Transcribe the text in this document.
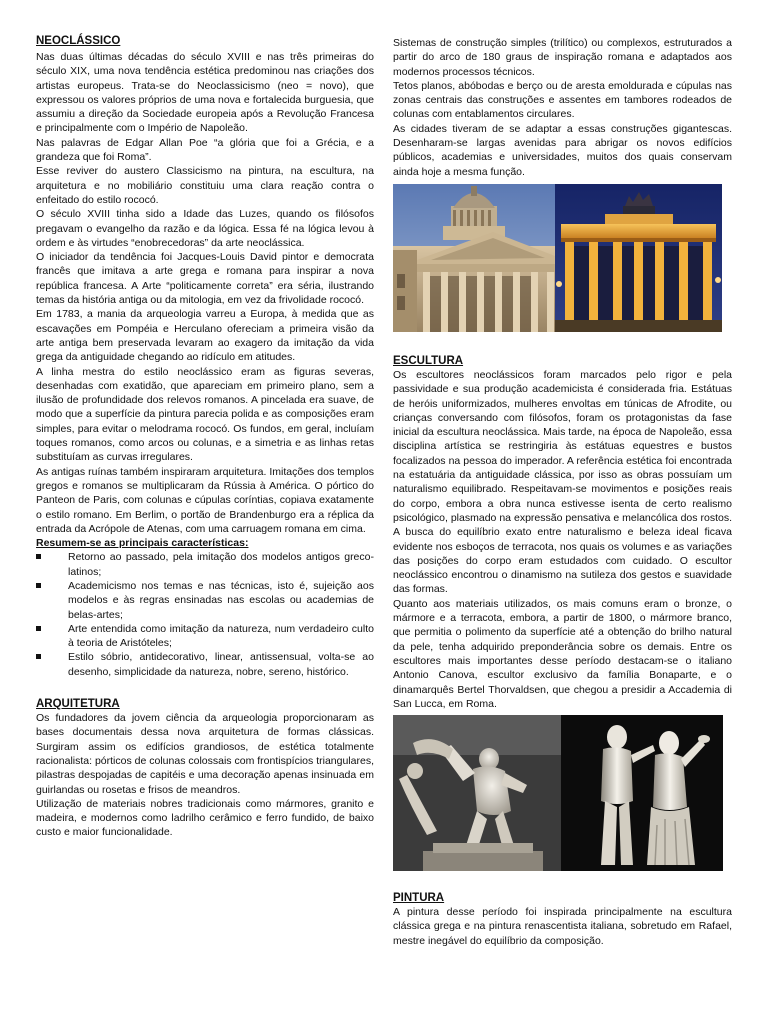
NEOCLÁSSICO

Nas duas últimas décadas do século XVIII e nas três primeiras do século XIX, uma nova tendência estética predominou nas criações dos artistas europeus. Trata-se do Neoclassicismo (neo = novo), que expressou os valores próprios de uma nova e fortalecida burguesia, que assumiu a direção da Sociedade europeia após a Revolução Francesa e principalmente com o Império de Napoleão.

Nas palavras de Edgar Allan Poe “a glória que foi a Grécia, e a grandeza que foi Roma”.

Esse reviver do austero Classicismo na pintura, na escultura, na arquitetura e no mobiliário constituiu uma clara reação contra o enfeitado do estilo rococó.

O século XVIII tinha sido a Idade das Luzes, quando os filósofos pregavam o evangelho da razão e da lógica. Essa fé na lógica levou à ordem e às virtudes “enobrecedoras” da arte neoclássica.

O iniciador da tendência foi Jacques-Louis David pintor e democrata francês que imitava a arte grega e romana para inspirar a nova república francesa. A Arte “politicamente correta” era séria, ilustrando temas da história antiga ou da mitologia, em vez da frivolidade rococó.

Em 1783, a mania da arqueologia varreu a Europa, à medida que as escavações em Pompéia e Herculano ofereciam a primeira visão da arte antiga bem preservada levaram ao exagero da imitação da vida grega da antiguidade chegando ao ridículo em atitudes.

A linha mestra do estilo neoclássico eram as figuras severas, desenhadas com exatidão, que apareciam em primeiro plano, sem a ilusão de profundidade dos relevos romanos. A pincelada era suave, de modo que a superfície da pintura parecia polida e as composições eram simples, para evitar o melodrama rococó. Os fundos, em geral, incluíam toques romanos, como arcos ou colunas, e a simetria e as linhas retas substituíam as curvas irregulares.

As antigas ruínas também inspiraram arquitetura. Imitações dos templos gregos e romanos se multiplicaram da Rússia à América. O pórtico do Panteon de Paris, com colunas e cúpulas coríntias, copiava exatamente o estilo romano. Em Berlim, o portão de Brandenburgo era a réplica da entrada da Acrópole de Atenas, com uma carruagem romana em cima.

Resumem-se as principais características:

Retorno ao passado, pela imitação dos modelos antigos greco-latinos;
Academicismo nos temas e nas técnicas, isto é, sujeição aos modelos e às regras ensinadas nas escolas ou academias de belas-artes;
Arte entendida como imitação da natureza, num verdadeiro culto à teoria de Aristóteles;
Estilo sóbrio, antidecorativo, linear, antissensual, volta-se ao desenho, simplicidade da natureza, nobre, sereno, histórico.
ARQUITETURA

Os fundadores da jovem ciência da arqueologia proporcionaram as bases documentais dessa nova arquitetura de formas clássicas. Surgiram assim os edifícios grandiosos, de estética totalmente racionalista: pórticos de colunas colossais com frontispícios triangulares, pilastras despojadas de capitéis e uma decoração apenas insinuada em guirlandas ou rosetas e frisos de meandros.

Utilização de materiais nobres tradicionais como mármores, granito e madeira, e modernos como ladrilho cerâmico e ferro fundido, de baixo custo e maior funcionalidade.

Sistemas de construção simples (trilítico) ou complexos, estruturados a partir do arco de 180 graus de inspiração romana e adaptados aos modernos processos técnicos.

Tetos planos, abóbodas e berço ou de aresta emoldurada e cúpulas nas zonas centrais das construções e assentes em tambores rodeados de colunas com entablamentos circulares.

As cidades tiveram de se adaptar a essas construções gigantescas. Desenharam-se largas avenidas para abrigar os novos edifícios públicos, academias e universidades, muitos dos quais conservam ainda hoje a mesma função.

ESCULTURA

Os escultores neoclássicos foram marcados pelo rigor e pela passividade e sua produção academicista é considerada fria. Estátuas de heróis uniformizados, mulheres envoltas em túnicas de Afrodite, ou crianças conversando com filósofos, foram os protagonistas da fase inicial da escultura neoclássica. Mais tarde, na época de Napoleão, essa disciplina artística se restringiria às estátuas equestres e bustos focalizados na pessoa do imperador. A referência estética foi encontrada na estatuária da antiguidade clássica, por isso as obras possuíam um naturalismo equilibrado. Respeitavam-se movimentos e posições reais do corpo, embora a obra nunca estivesse isenta de certo realismo psicológico, plasmado na expressão pensativa e melancólica dos rostos. A busca do equilíbrio exato entre naturalismo e beleza ideal ficava evidente nos esboços de terracota, nos quais os volumes e as variações das posições do corpo eram estudados com cuidado. O escultor neoclássico encontrou o dinamismo na sutileza dos gestos e suavidade das formas.

Quanto aos materiais utilizados, os mais comuns eram o bronze, o mármore e a terracota, embora, a partir de 1800, o mármore branco, que permitia o polimento da superfície até a obtenção do brilho natural da pele, tenha adquirido preponderância sobre os demais. Entre os escultores mais importantes desse período destacam-se o italiano Antonio Canova, escultor exclusivo da família Bonaparte, e o dinamarquês Bertel Thorvaldsen, que chegou a presidir a Accademia di San Lucca, em Roma.

PINTURA

A pintura desse período foi inspirada principalmente na escultura clássica grega e na pintura renascentista italiana, sobretudo em Rafael, mestre inegável do equilíbrio da composição.
